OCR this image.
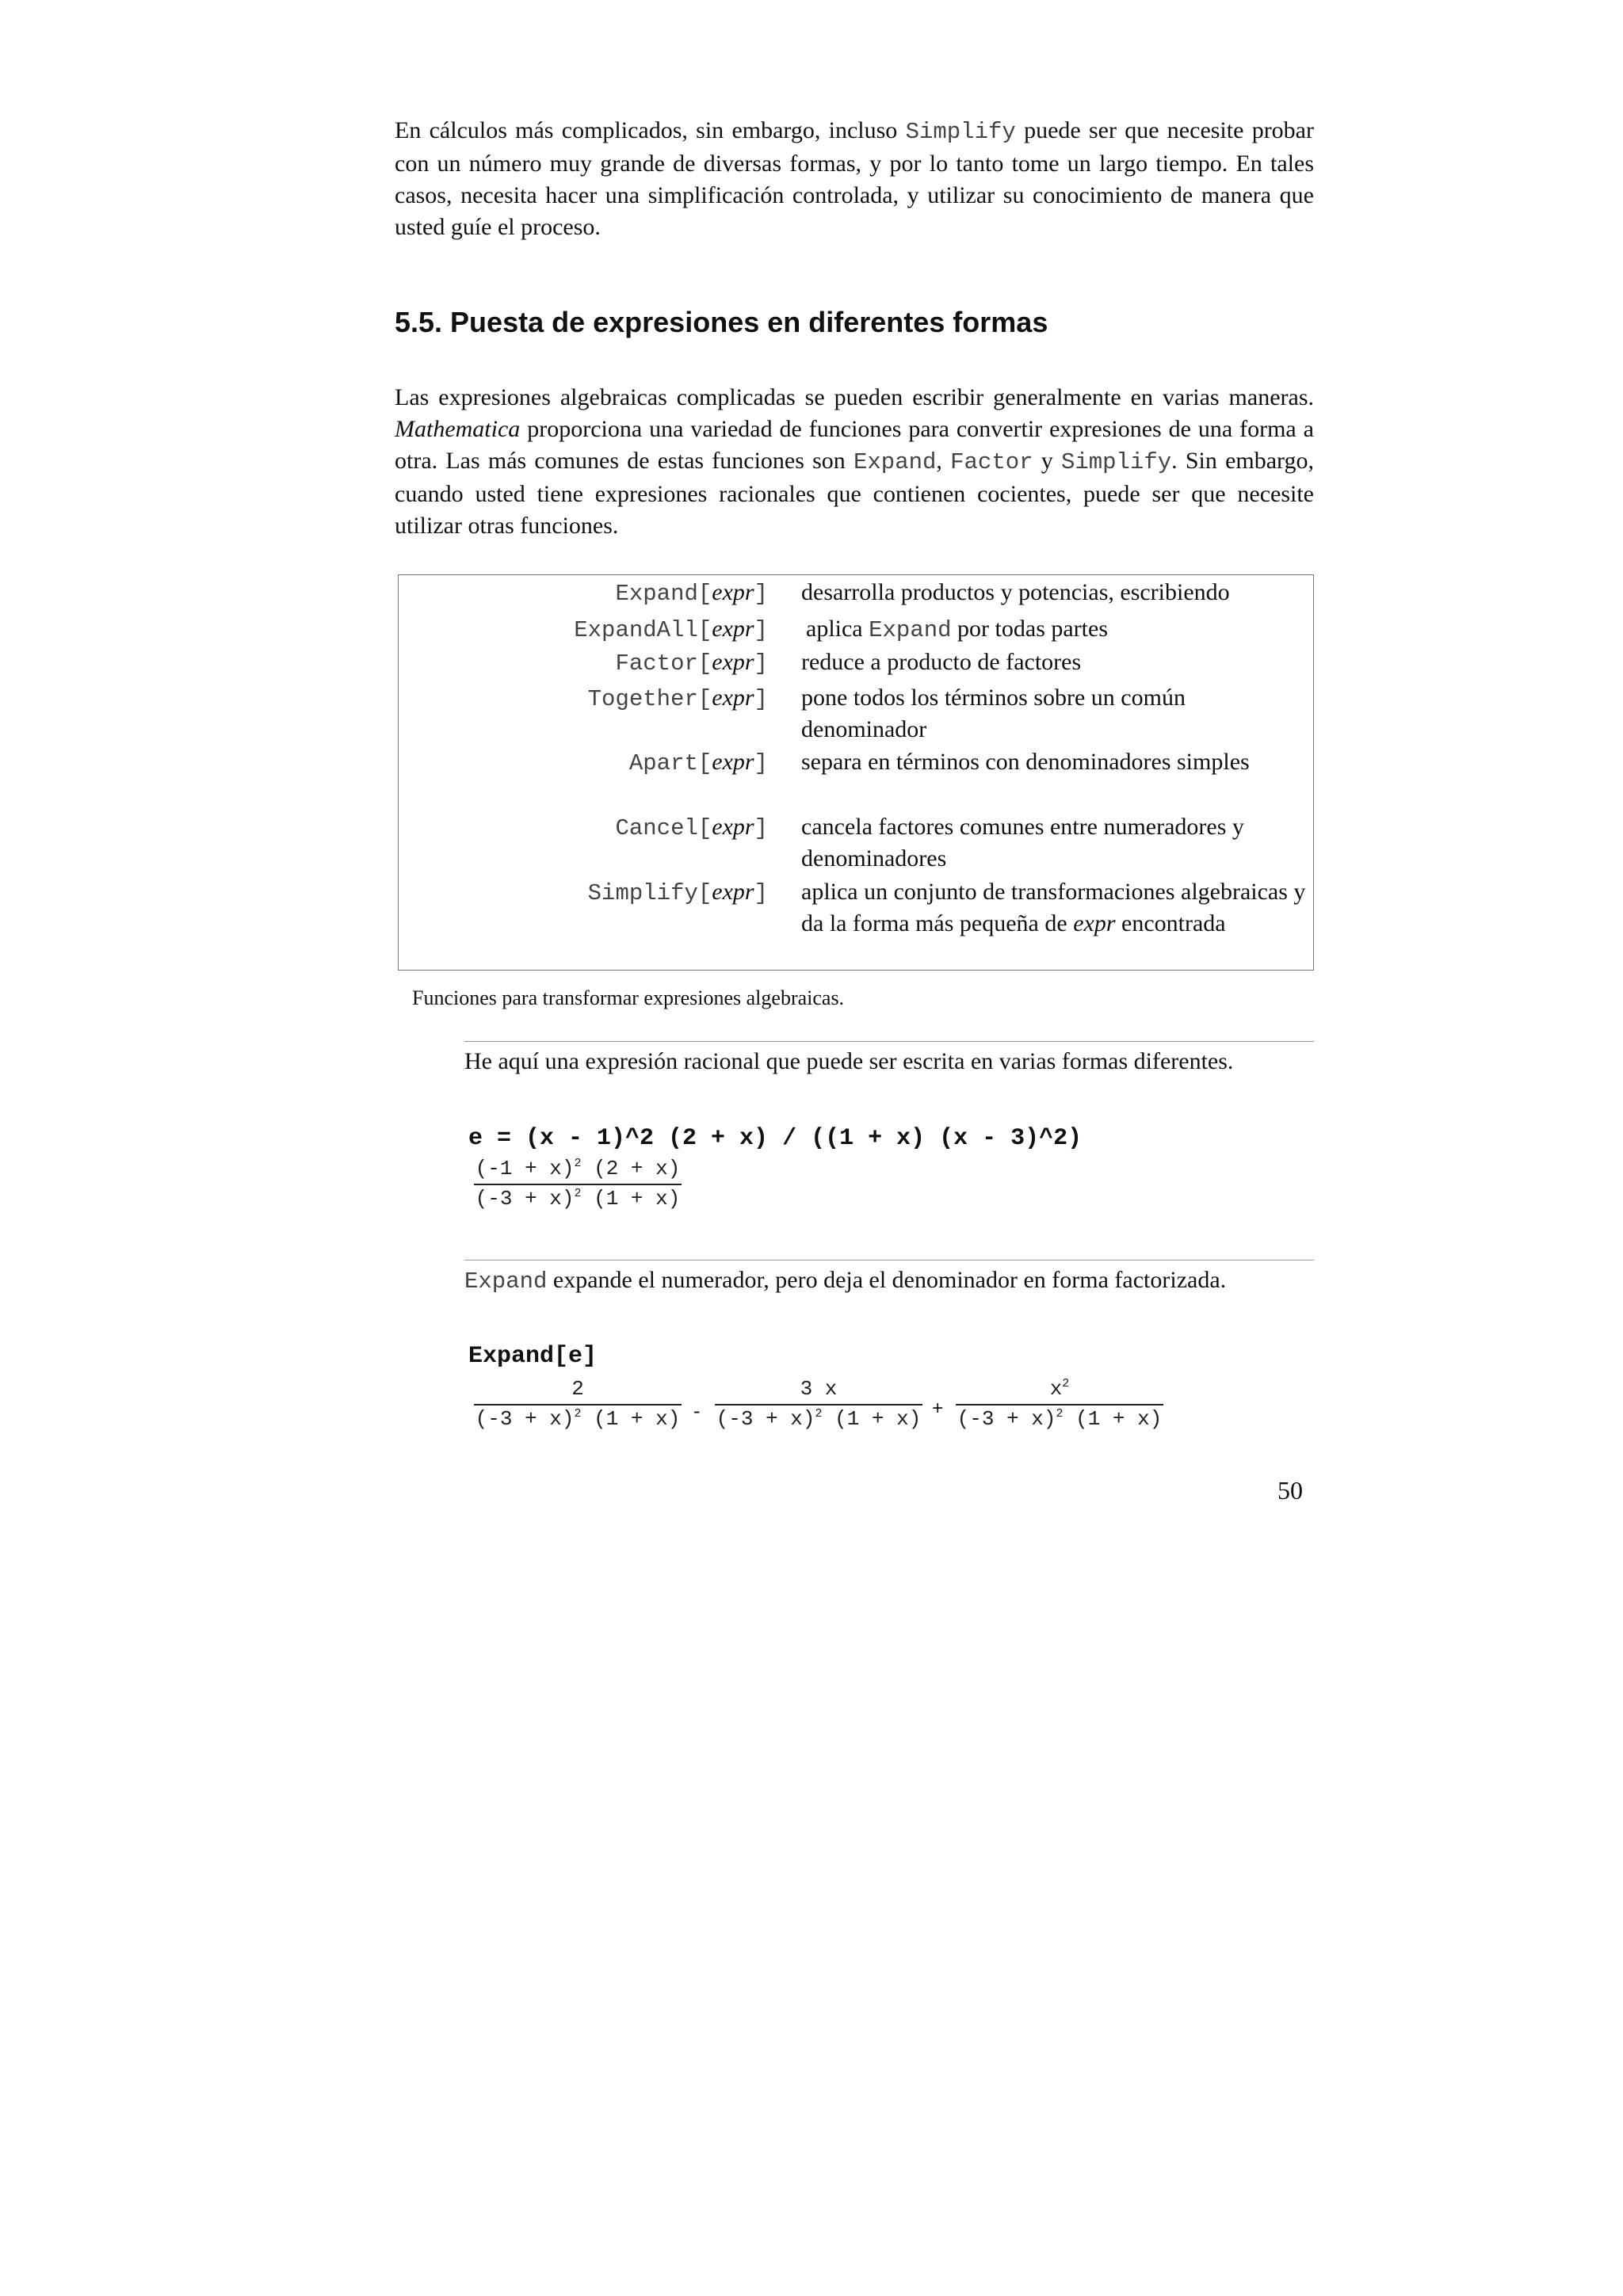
En cálculos más complicados, sin embargo, incluso Simplify puede ser que necesite probar con un número muy grande de diversas formas, y por lo tanto tome un largo tiempo. En tales casos, necesita hacer una simplificación controlada, y utilizar su conocimiento de manera que usted guíe el proceso.

5.5. Puesta de expresiones en diferentes formas

Las expresiones algebraicas complicadas se pueden escribir generalmente en varias maneras. Mathematica proporciona una variedad de funciones para convertir expresiones de una forma a otra. Las más comunes de estas funciones son Expand, Factor y Simplify. Sin embargo, cuando usted tiene expresiones racionales que contienen cocientes, puede ser que necesite utilizar otras funciones.

Expand[expr] desarrolla productos y potencias, escribiendo
ExpandAll[expr] aplica Expand por todas partes
Factor[expr] reduce a producto de factores
Together[expr] pone todos los términos sobre un común denominador
Apart[expr] separa en términos con denominadores simples
Cancel[expr] cancela factores comunes entre numeradores y denominadores
Simplify[expr] aplica un conjunto de transformaciones algebraicas y da la forma más pequeña de expr encontrada
Funciones para transformar expresiones algebraicas.

He aquí una expresión racional que puede ser escrita en varias formas diferentes.

e = (x - 1)^2 (2 + x) / ((1 + x) (x - 3)^2)
$(-1 + x)^2$ (2 + x)
$(-3 + x)^2$ (1 + x)

Expand expande el numerador, pero deja el denominador en forma factorizada.

Expand[e]
2
$(-3 + x)^2$ (1 + x) -
3 x
$(-3 + x)^2$ (1 + x) +
$x^2$
$(-3 + x)^2$ (1 + x)
50
